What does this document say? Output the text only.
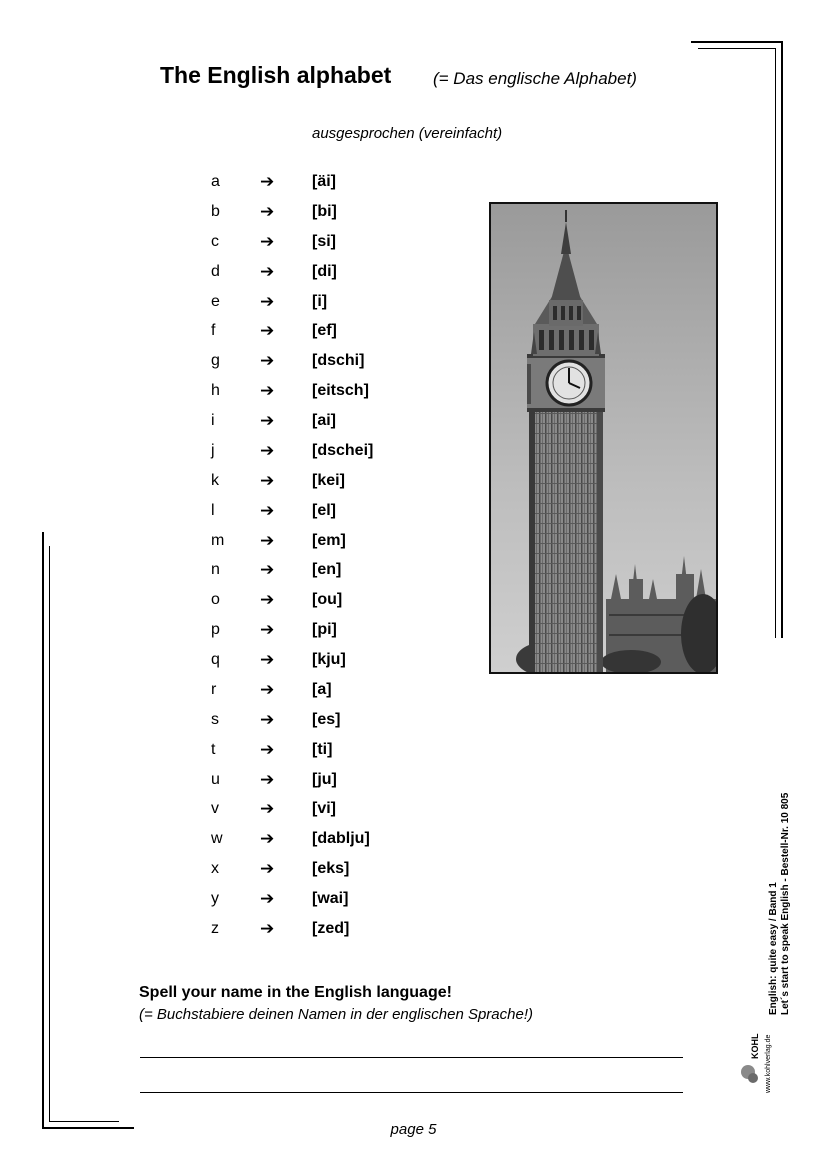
The English alphabet (= Das englische Alphabet)
ausgesprochen (vereinfacht)
a ➔ [äi]
b ➔ [bi]
c ➔ [si]
d ➔ [di]
e ➔ [i]
f	➔ [ef]
g ➔ [dschi]
h ➔ [eitsch]
i	➔ [ai]
j	➔ [dschei]
k ➔ [kei]
l	➔ [el]
m ➔ [em]
n ➔ [en]
o ➔ [ou]
p ➔ [pi]
q ➔ [kju]
r	➔ [a]
s ➔ [es]
t	➔ [ti]
u ➔ [ju]
v ➔ [vi]
w ➔ [dablju]
x ➔ [eks]
y ➔ [wai]
z ➔ [zed]
Spell your name in the English language!
(= Buchstabiere deinen Namen in der englischen Sprache!)
page 5
KOHL www.kohlverlag.de
English: quite easy / Band 1 Let´s start to speak English - Bestell-Nr. 10 805
